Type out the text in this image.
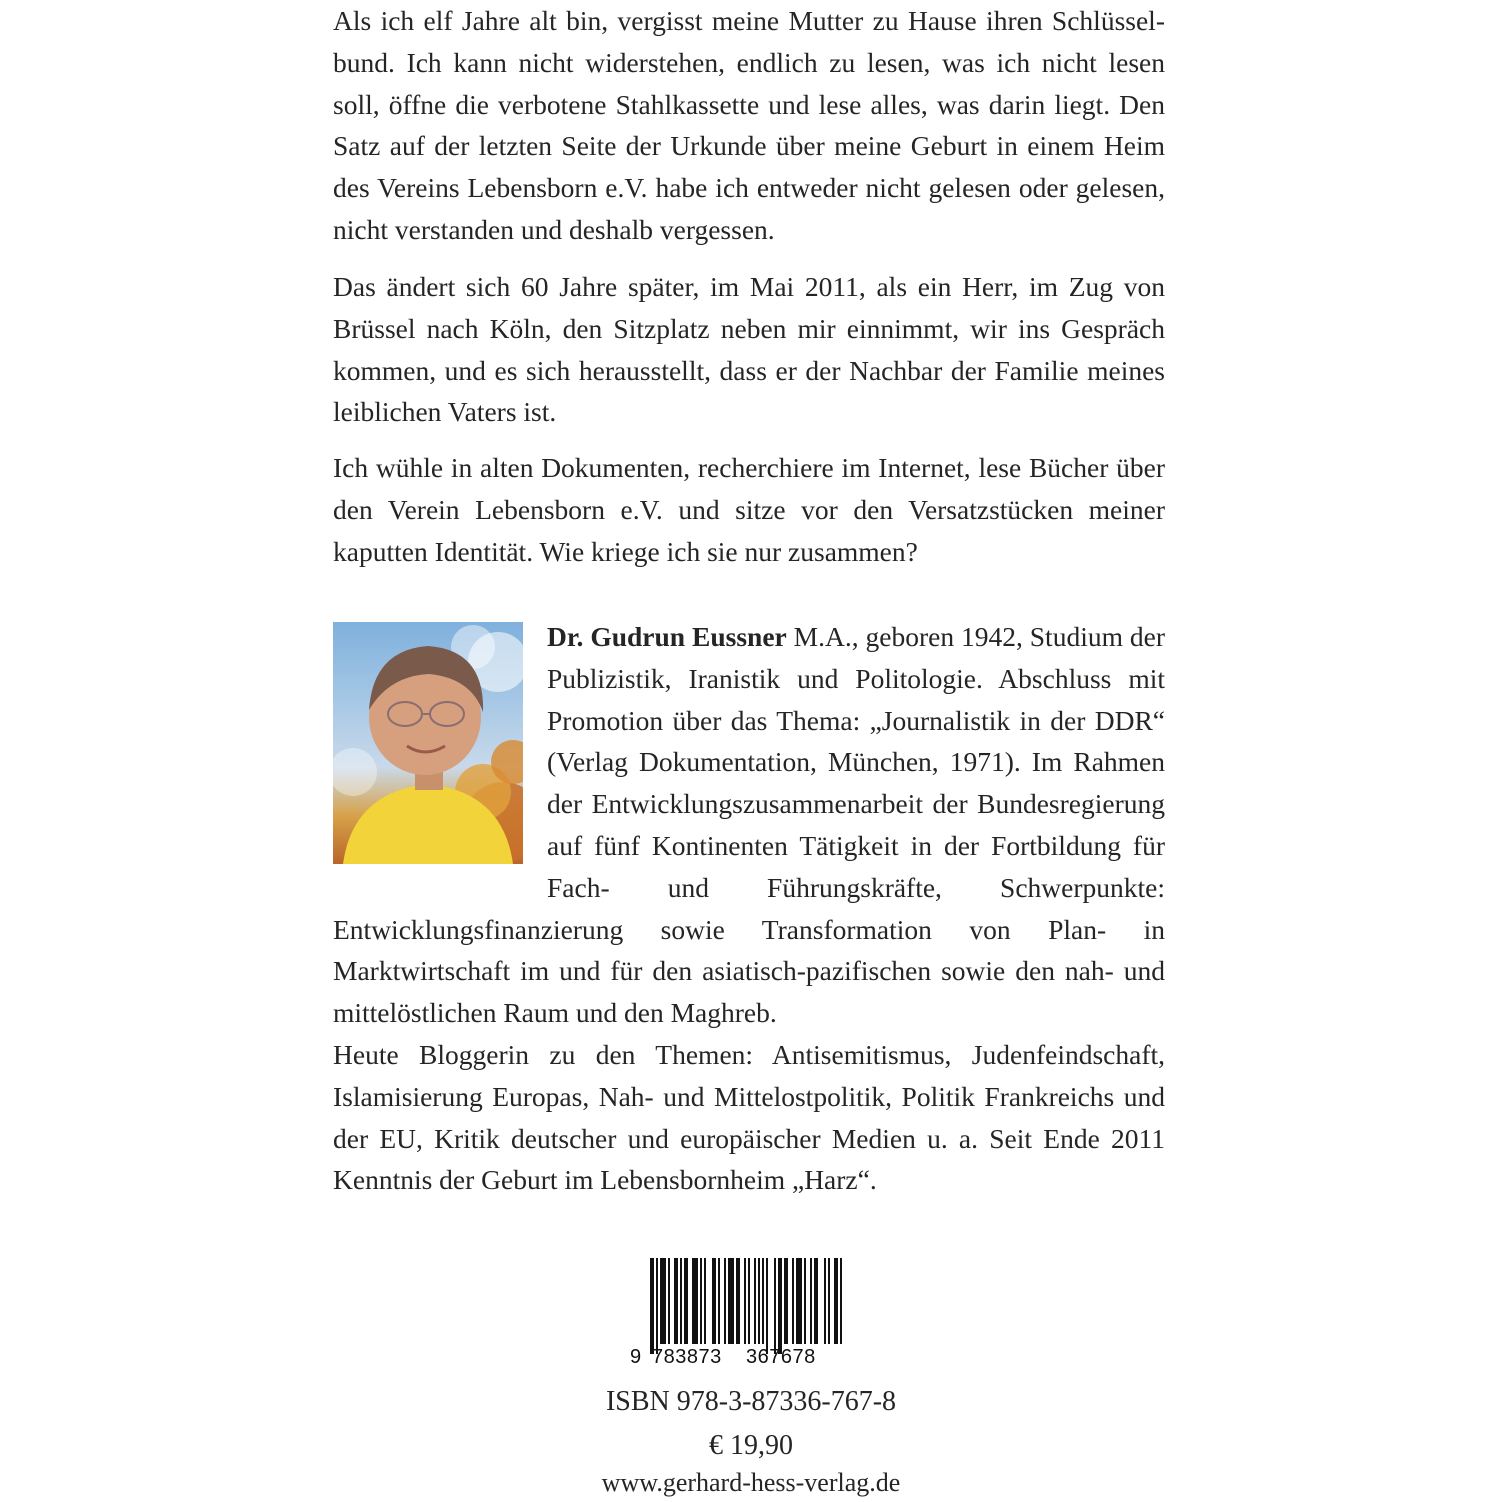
Als ich elf Jahre alt bin, vergisst meine Mutter zu Hause ihren Schlüsselbund. Ich kann nicht widerstehen, endlich zu lesen, was ich nicht lesen soll, öffne die verbotene Stahlkassette und lese alles, was darin liegt. Den Satz auf der letzten Seite der Urkunde über meine Geburt in einem Heim des Vereins Lebensborn e.V. habe ich entweder nicht gelesen oder gelesen, nicht verstanden und deshalb vergessen.

Das ändert sich 60 Jahre später, im Mai 2011, als ein Herr, im Zug von Brüssel nach Köln, den Sitzplatz neben mir einnimmt, wir ins Gespräch kommen, und es sich herausstellt, dass er der Nachbar der Familie meines leiblichen Vaters ist.

Ich wühle in alten Dokumenten, recherchiere im Internet, lese Bücher über den Verein Lebensborn e.V. und sitze vor den Versatzstücken meiner kaputten Identität. Wie kriege ich sie nur zusammen?

Dr. Gudrun Eussner M.A., geboren 1942, Studium der Publizistik, Iranistik und Politologie. Abschluss mit Promotion über das Thema: „Journalistik in der DDR“ (Verlag Dokumentation, München, 1971). Im Rahmen der Entwicklungszusammenarbeit der Bundesregierung auf fünf Kontinenten Tätigkeit in der Fortbildung für Fach- und Führungskräfte, Schwerpunkte: Entwicklungsfinanzierung sowie Transformation von Plan- in Marktwirtschaft im und für den asiatisch-pazifischen sowie den nah- und mittelöstlichen Raum und den Maghreb.
Heute Bloggerin zu den Themen: Antisemitismus, Judenfeindschaft, Islamisierung Europas, Nah- und Mittelostpolitik, Politik Frankreichs und der EU, Kritik deutscher und europäischer Medien u. a. Seit Ende 2011 Kenntnis der Geburt im Lebensbornheim „Harz“.
9 783873 367678
ISBN 978-3-87336-767-8
€ 19,90
www.gerhard-hess-verlag.de
